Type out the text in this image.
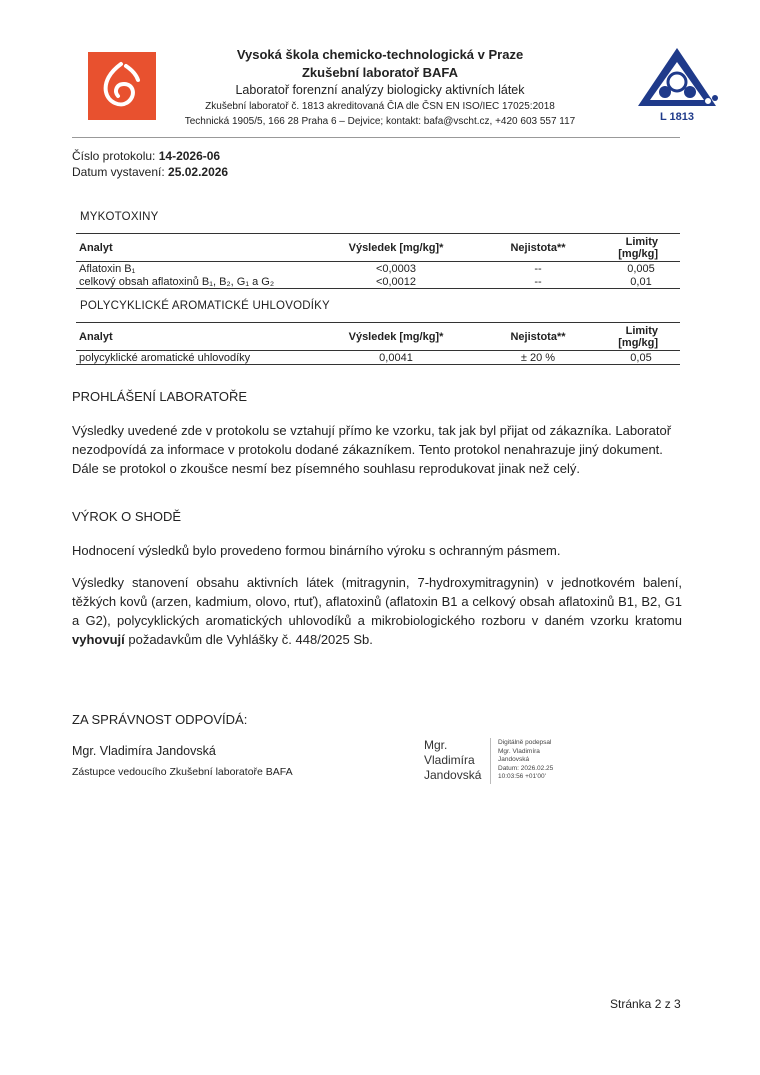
Vysoká škola chemicko-technologická v Praze
Zkušební laboratoř BAFA
Laboratoř forenzní analýzy biologicky aktivních látek
Zkušební laboratoř č. 1813 akreditovaná ČIA dle ČSN EN ISO/IEC 17025:2018
Technická 1905/5, 166 28 Praha 6 – Dejvice; kontakt: bafa@vscht.cz, +420 603 557 117	L 1813
Číslo protokolu: 14-2026-06
Datum vystavení: 25.02.2026
MYKOTOXINY
Analyt	Výsledek [mg/kg]*	Nejistota**	Limity [mg/kg]
Aflatoxin B₁	<0,0003	--	0,005
celkový obsah aflatoxinů B₁, B₂, G₁ a G₂	<0,0012	--	0,01
POLYCYKLICKÉ AROMATICKÉ UHLOVODÍKY
Analyt	Výsledek [mg/kg]*	Nejistota**	Limity [mg/kg]
polycyklické aromatické uhlovodíky	0,0041	± 20 %	0,05
PROHLÁŠENÍ LABORATOŘE
Výsledky uvedené zde v protokolu se vztahují přímo ke vzorku, tak jak byl přijat od zákazníka. Laboratoř nezodpovídá za informace v protokolu dodané zákazníkem. Tento protokol nenahrazuje jiný dokument. Dále se protokol o zkoušce nesmí bez písemného souhlasu reprodukovat jinak než celý.
VÝROK O SHODĚ
Hodnocení výsledků bylo provedeno formou binárního výroku s ochranným pásmem.
Výsledky stanovení obsahu aktivních látek (mitragynin, 7-hydroxymitragynin) v jednotkovém balení, těžkých kovů (arzen, kadmium, olovo, rtuť), aflatoxinů (aflatoxin B1 a celkový obsah aflatoxinů B1, B2, G1 a G2), polycyklických aromatických uhlovodíků a mikrobiologického rozboru v daném vzorku kratomu vyhovují požadavkům dle Vyhlášky č. 448/2025 Sb.
ZA SPRÁVNOST ODPOVÍDÁ:
Mgr. Vladimíra Jandovská
Zástupce vedoucího Zkušební laboratoře BAFA
Mgr.
Vladimíra
Jandovská
Digitálně podepsal
Mgr. Vladimíra
Jandovská
Datum: 2026.02.25
10:03:56 +01'00'
Stránka 2 z 3
